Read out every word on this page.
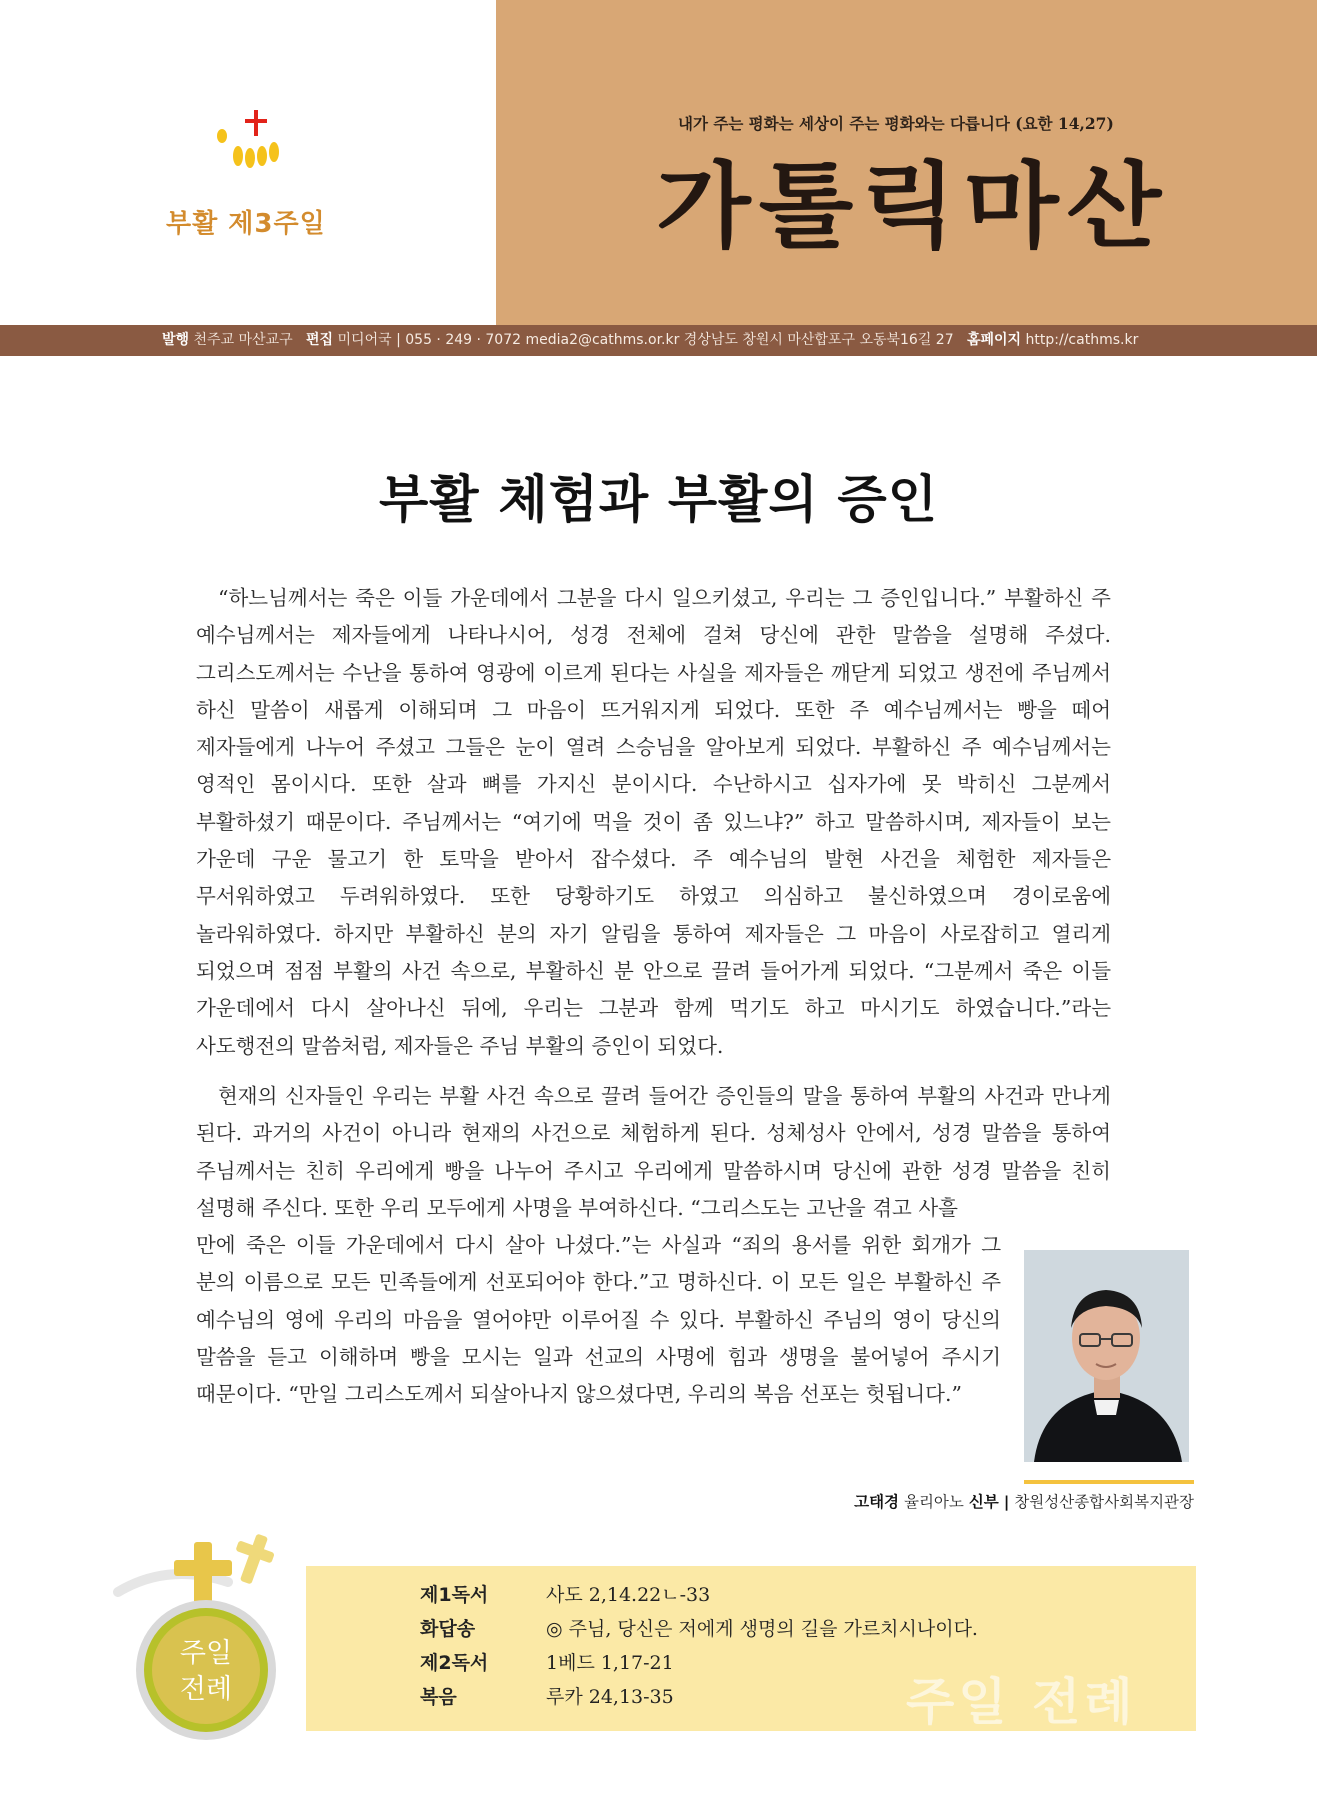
부활 제3주일
내가 주는 평화는 세상이 주는 평화와는 다릅니다 (요한 14,27)
가톨릭마산
발행 천주교 마산교구 편집 미디어국 | 055 · 249 · 7072 media2@cathms.or.kr 경상남도 창원시 마산합포구 오동북16길 27 홈페이지 http://cathms.kr
부활 체험과 부활의 증인
“하느님께서는 죽은 이들 가운데에서 그분을 다시 일으키셨고, 우리는 그 증인입니다.” 부활하신 주 예수님께서는 제자들에게 나타나시어, 성경 전체에 걸쳐 당신에 관한 말씀을 설명해 주셨다. 그리스도께서는 수난을 통하여 영광에 이르게 된다는 사실을 제자들은 깨닫게 되었고 생전에 주님께서 하신 말씀이 새롭게 이해되며 그 마음이 뜨거워지게 되었다. 또한 주 예수님께서는 빵을 떼어 제자들에게 나누어 주셨고 그들은 눈이 열려 스승님을 알아보게 되었다. 부활하신 주 예수님께서는 영적인 몸이시다. 또한 살과 뼈를 가지신 분이시다. 수난하시고 십자가에 못 박히신 그분께서 부활하셨기 때문이다. 주님께서는 “여기에 먹을 것이 좀 있느냐?” 하고 말씀하시며, 제자들이 보는 가운데 구운 물고기 한 토막을 받아서 잡수셨다. 주 예수님의 발현 사건을 체험한 제자들은 무서워하였고 두려워하였다. 또한 당황하기도 하였고 의심하고 불신하였으며 경이로움에 놀라워하였다. 하지만 부활하신 분의 자기 알림을 통하여 제자들은 그 마음이 사로잡히고 열리게 되었으며 점점 부활의 사건 속으로, 부활하신 분 안으로 끌려 들어가게 되었다. “그분께서 죽은 이들 가운데에서 다시 살아나신 뒤에, 우리는 그분과 함께 먹기도 하고 마시기도 하였습니다.”라는 사도행전의 말씀처럼, 제자들은 주님 부활의 증인이 되었다.
현재의 신자들인 우리는 부활 사건 속으로 끌려 들어간 증인들의 말을 통하여 부활의 사건과 만나게 된다. 과거의 사건이 아니라 현재의 사건으로 체험하게 된다. 성체성사 안에서, 성경 말씀을 통하여 주님께서는 친히 우리에게 빵을 나누어 주시고 우리에게 말씀하시며 당신에 관한 성경 말씀을 친히 설명해 주신다. 또한 우리 모두에게 사명을 부여하신다. “그리스도는 고난을 겪고 사흘
만에 죽은 이들 가운데에서 다시 살아 나셨다.”는 사실과 “죄의 용서를 위한 회개가 그 분의 이름으로 모든 민족들에게 선포되어야 한다.”고 명하신다. 이 모든 일은 부활하신 주 예수님의 영에 우리의 마음을 열어야만 이루어질 수 있다. 부활하신 주님의 영이 당신의 말씀을 듣고 이해하며 빵을 모시는 일과 선교의 사명에 힘과 생명을 불어넣어 주시기 때문이다. “만일 그리스도께서 되살아나지 않으셨다면, 우리의 복음 선포는 헛됩니다.”
고태경 율리아노 신부 | 창원성산종합사회복지관장
주일 전례
제1독서	사도 2,14.22ㄴ-33
화답송	◎ 주님, 당신은 저에게 생명의 길을 가르치시나이다.
제2독서	1베드 1,17-21
복음	루카 24,13-35
주일
전례
